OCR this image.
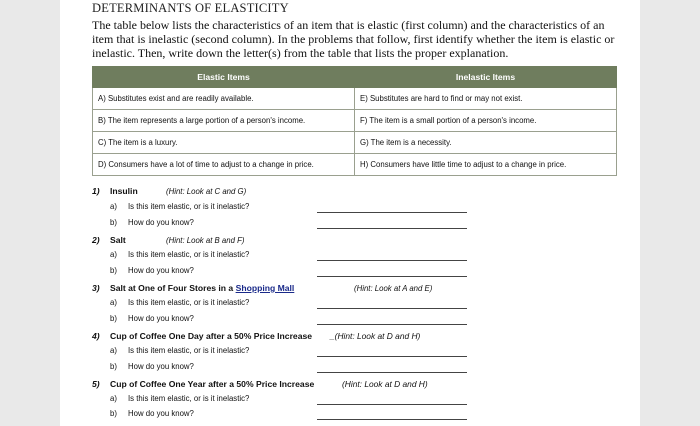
DETERMINANTS OF ELASTICITY
The table below lists the characteristics of an item that is elastic (first column) and the characteristics of an item that is inelastic (second column). In the problems that follow, first identify whether the item is elastic or inelastic. Then, write down the letter(s) from the table that lists the proper explanation.
Elastic Items	Inelastic Items
A) Substitutes exist and are readily available.	E) Substitutes are hard to find or may not exist.
B) The item represents a large portion of a person's income.	F) The item is a small portion of a person's income.
C) The item is a luxury.	G) The item is a necessity.
D) Consumers have a lot of time to adjust to a change in price.	H) Consumers have little time to adjust to a change in price.
1) Insulin	(Hint: Look at C and G)
a) Is this item elastic, or is it inelastic?
b) How do you know?
2) Salt	(Hint: Look at B and F)
a) Is this item elastic, or is it inelastic?
b) How do you know?
3) Salt at One of Four Stores in a Shopping Mall	(Hint: Look at A and E)
a) Is this item elastic, or is it inelastic?
b) How do you know?
4) Cup of Coffee One Day after a 50% Price Increase _(Hint: Look at D and H)
a) Is this item elastic, or is it inelastic?
b) How do you know?
5) Cup of Coffee One Year after a 50% Price Increase	(Hint: Look at D and H)
a) Is this item elastic, or is it inelastic?
b) How do you know?
